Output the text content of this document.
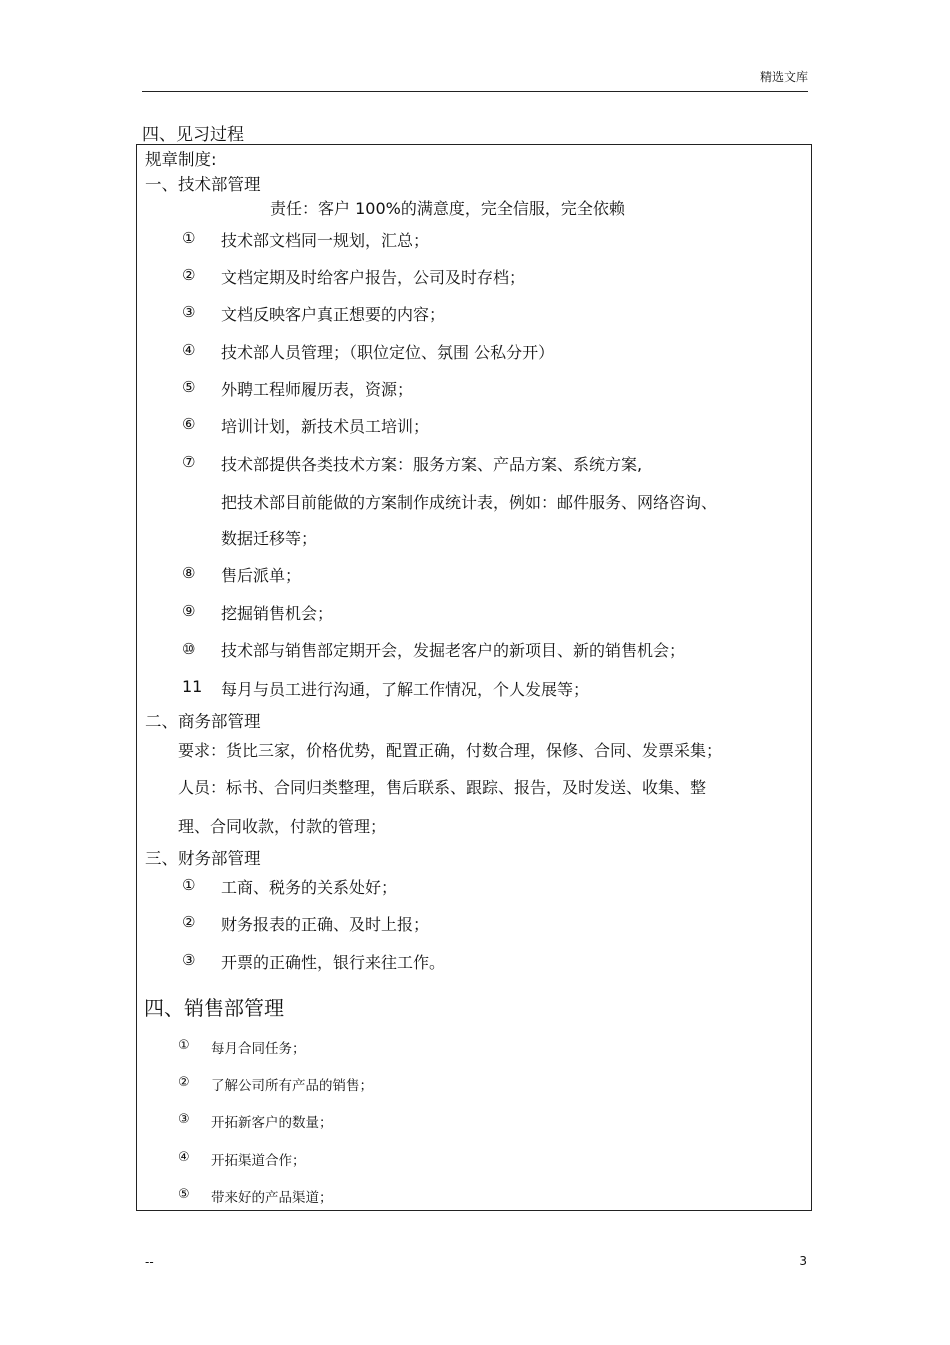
精选文库
四、见习过程
规章制度:
一、技术部管理
责任：客户 100%的满意度，完全信服，完全依赖
① 技术部文档同一规划，汇总；
② 文档定期及时给客户报告，公司及时存档；
③ 文档反映客户真正想要的内容；
④ 技术部人员管理；（职位定位、氛围 公私分开）
⑤ 外聘工程师履历表，资源；
⑥ 培训计划，新技术员工培训；
⑦ 技术部提供各类技术方案：服务方案、产品方案、系统方案,
把技术部目前能做的方案制作成统计表，例如：邮件服务、网络咨询、
数据迁移等；
⑧ 售后派单；
⑨ 挖掘销售机会；
⑩ 技术部与销售部定期开会，发掘老客户的新项目、新的销售机会；
11 每月与员工进行沟通，了解工作情况，个人发展等；
二、商务部管理
要求：货比三家，价格优势，配置正确，付数合理，保修、合同、发票采集；
人员：标书、合同归类整理，售后联系、跟踪、报告，及时发送、收集、整
理、合同收款，付款的管理；
三、财务部管理
① 工商、税务的关系处好；
② 财务报表的正确、及时上报；
③ 开票的正确性，银行来往工作。
四、销售部管理
① 每月合同任务；
② 了解公司所有产品的销售；
③ 开拓新客户的数量；
④ 开拓渠道合作；
⑤ 带来好的产品渠道；
--	3
